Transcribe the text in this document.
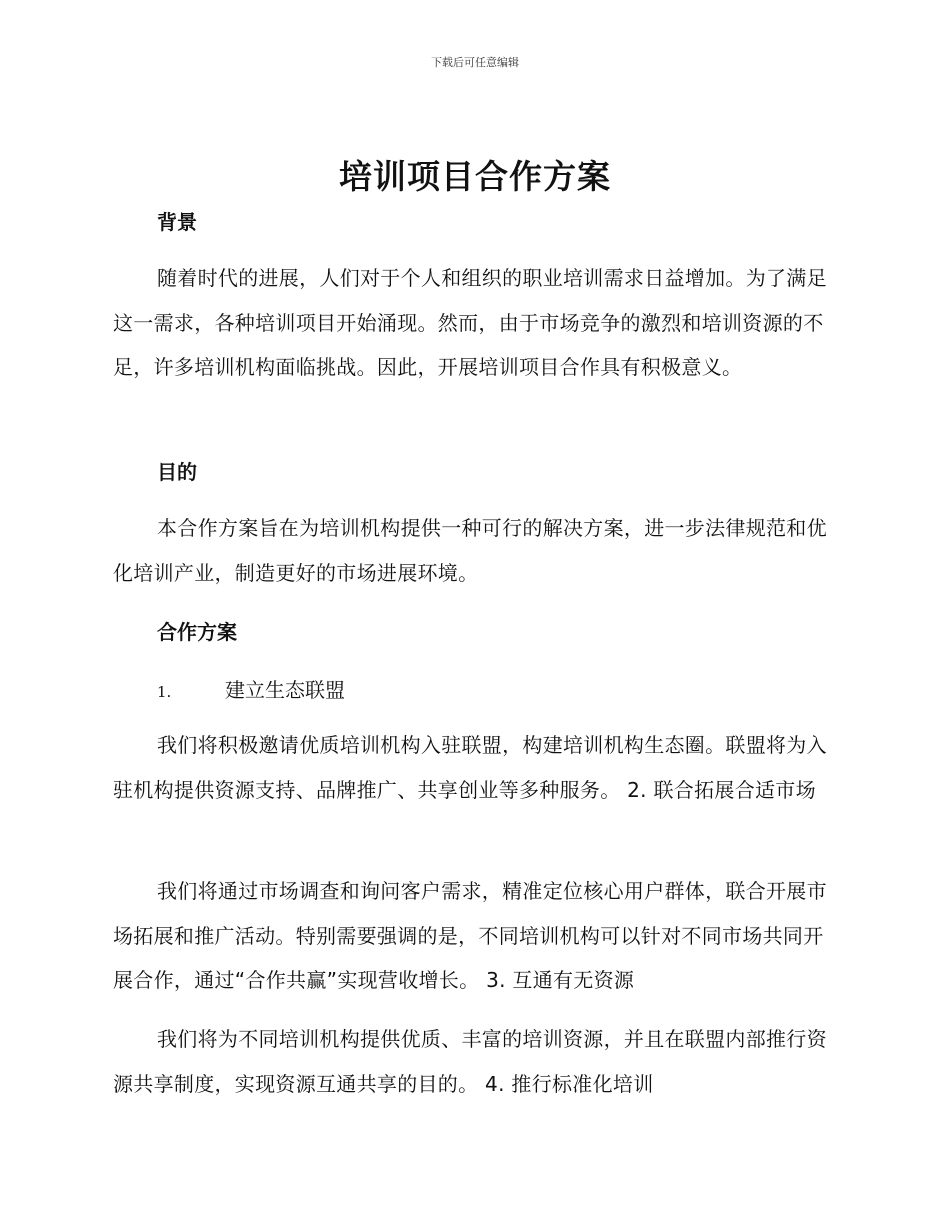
下载后可任意编辑
培训项目合作方案
背景
随着时代的进展，人们对于个人和组织的职业培训需求日益增加。为了满足这一需求，各种培训项目开始涌现。然而，由于市场竞争的激烈和培训资源的不足，许多培训机构面临挑战。因此，开展培训项目合作具有积极意义。
目的
本合作方案旨在为培训机构提供一种可行的解决方案，进一步法律规范和优化培训产业，制造更好的市场进展环境。
合作方案
1.	建立生态联盟
我们将积极邀请优质培训机构入驻联盟，构建培训机构生态圈。联盟将为入驻机构提供资源支持、品牌推广、共享创业等多种服务。 2. 联合拓展合适市场
我们将通过市场调查和询问客户需求，精准定位核心用户群体，联合开展市场拓展和推广活动。特别需要强调的是，不同培训机构可以针对不同市场共同开展合作，通过“合作共赢”实现营收增长。 3. 互通有无资源
我们将为不同培训机构提供优质、丰富的培训资源，并且在联盟内部推行资源共享制度，实现资源互通共享的目的。 4. 推行标准化培训
